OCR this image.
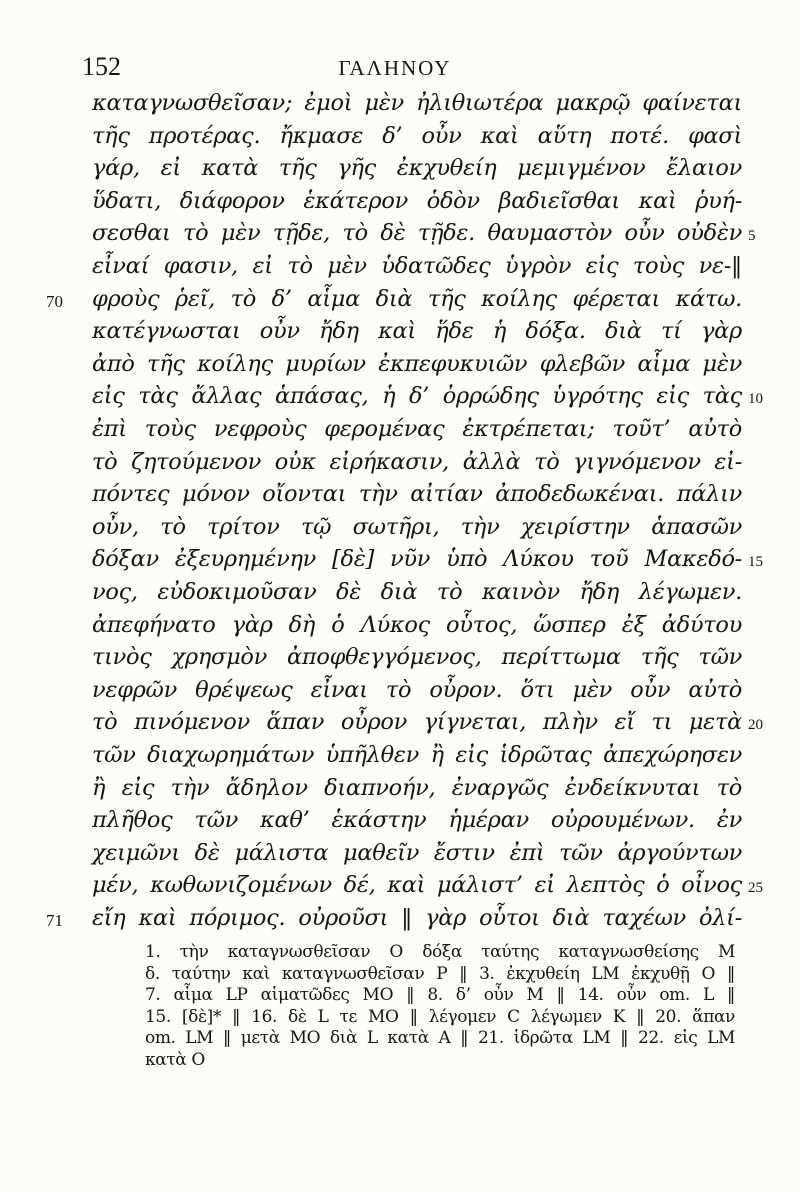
152	ΓΑΛΗΝΟΥ
καταγνωσθεῖσαν; ἐμοὶ μὲν ἠλιθιωτέρα μακρῷ φαίνεται
τῆς προτέρας. ἤκμασε δ’ οὖν καὶ αὕτη ποτέ. φασὶ
γάρ, εἰ κατὰ τῆς γῆς ἐκχυθείη μεμιγμένον ἔλαιον
ὕδατι, διάφορον ἑκάτερον ὁδὸν βαδιεῖσθαι καὶ ῥυή-
σεσθαι τὸ μὲν τῇδε, τὸ δὲ τῇδε. θαυμαστὸν οὖν οὐδὲν 5
εἶναί φασιν, εἰ τὸ μὲν ὑδατῶδες ὑγρὸν εἰς τοὺς νε-‖
φροὺς ῥεῖ, τὸ δ’ αἷμα διὰ τῆς κοίλης φέρεται κάτω.
70
κατέγνωσται οὖν ἤδη καὶ ἥδε ἡ δόξα. διὰ τί γὰρ
ἀπὸ τῆς κοίλης μυρίων ἐκπεφυκυιῶν φλεβῶν αἷμα μὲν
εἰς τὰς ἄλλας ἁπάσας, ἡ δ’ ὀρρώδης ὑγρότης εἰς τὰς 10
ἐπὶ τοὺς νεφροὺς φερομένας ἐκτρέπεται; τοῦτ’ αὐτὸ
τὸ ζητούμενον οὐκ εἰρήκασιν, ἀλλὰ τὸ γιγνόμενον εἰ-
πόντες μόνον οἴονται τὴν αἰτίαν ἀποδεδωκέναι. πάλιν
οὖν, τὸ τρίτον τῷ σωτῆρι, τὴν χειρίστην ἁπασῶν
δόξαν ἐξευρημένην [δὲ] νῦν ὑπὸ Λύκου τοῦ Μακεδό- 15
νος, εὐδοκιμοῦσαν δὲ διὰ τὸ καινὸν ἤδη λέγωμεν.
ἀπεφήνατο γὰρ δὴ ὁ Λύκος οὗτος, ὥσπερ ἐξ ἀδύτου
τινὸς χρησμὸν ἀποφθεγγόμενος, περίττωμα τῆς τῶν
νεφρῶν θρέψεως εἶναι τὸ οὖρον. ὅτι μὲν οὖν αὐτὸ
τὸ πινόμενον ἅπαν οὖρον γίγνεται, πλὴν εἴ τι μετὰ 20
τῶν διαχωρημάτων ὑπῆλθεν ἢ εἰς ἱδρῶτας ἀπεχώρησεν
ἢ εἰς τὴν ἄδηλον διαπνοήν, ἐναργῶς ἐνδείκνυται τὸ
πλῆθος τῶν καθ’ ἑκάστην ἡμέραν οὐρουμένων. ἐν
χειμῶνι δὲ μάλιστα μαθεῖν ἔστιν ἐπὶ τῶν ἀργούντων
μέν, κωθωνιζομένων δέ, καὶ μάλιστ’ εἰ λεπτὸς ὁ οἶνος 25
εἴη καὶ πόριμος. οὐροῦσι ‖ γὰρ οὗτοι διὰ ταχέων ὀλί-
71
1. τὴν καταγνωσθεῖσαν O δόξα ταύτης καταγνωσθείσης M
δ. ταύτην καὶ καταγνωσθεῖσαν P ‖ 3. ἐκχυθείη LM ἐκχυθῇ O ‖
7. αἷμα LP αἱματῶδες MO ‖ 8. δ’ οὖν M ‖ 14. οὖν om. L ‖
15. [δὲ]* ‖ 16. δὲ L τε MO ‖ λέγομεν C λέγωμεν K ‖ 20. ἅπαν
om. LM ‖ μετὰ MO διὰ L κατὰ A ‖ 21. ἱδρῶτα LM ‖ 22. εἰς LM
κατὰ O
